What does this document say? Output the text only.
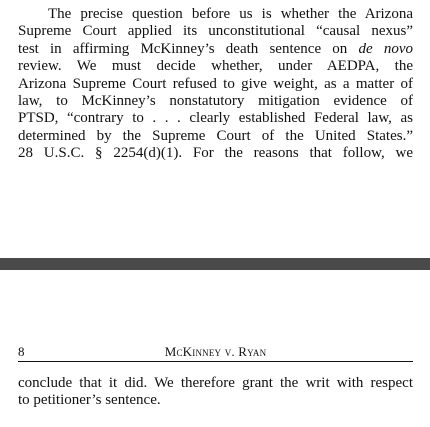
The precise question before us is whether the Arizona
Supreme Court applied its unconstitutional “causal nexus”
test in affirming McKinney’s death sentence on de novo
review. We must decide whether, under AEDPA, the
Arizona Supreme Court refused to give weight, as a matter of
law, to McKinney’s nonstatutory mitigation evidence of
PTSD, “contrary to . . . clearly established Federal law, as
determined by the Supreme Court of the United States.”
28 U.S.C. § 2254(d)(1). For the reasons that follow, we

8	McKinney v. Ryan

conclude that it did. We therefore grant the writ with respect
to petitioner’s sentence.
